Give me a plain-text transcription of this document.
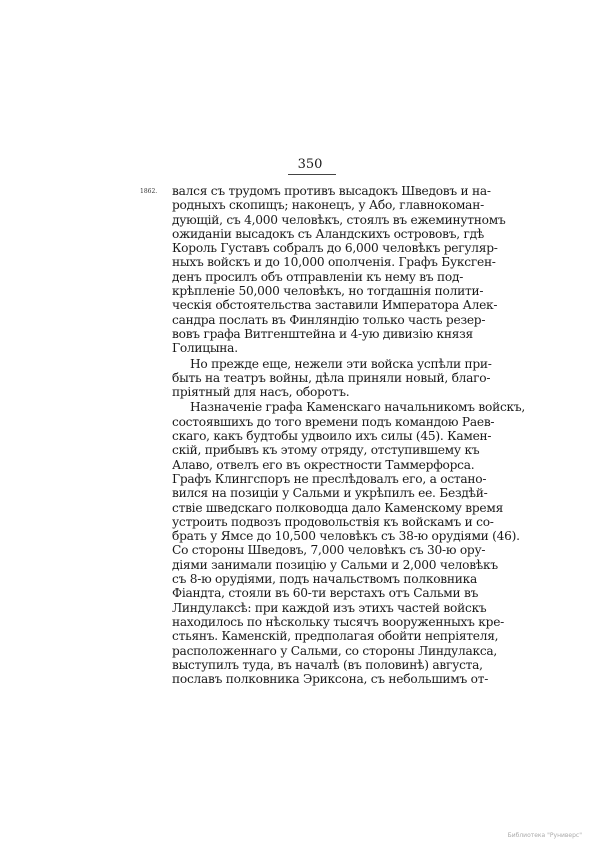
350
1862. вался съ трудомъ противъ высадокъ Шведовъ и на-
родныхъ скопищъ; наконецъ, у Або, главнокоман-
дующій, съ 4,000 человѣкъ, стоялъ въ ежеминутномъ
ожиданіи высадокъ съ Аландскихъ острововъ, гдѣ
Король Густавъ собралъ до 6,000 человѣкъ регуляр-
ныхъ войскъ и до 10,000 ополченія. Графъ Буксген-
денъ просилъ объ отправленіи къ нему въ под-
крѣпленіе 50,000 человѣкъ, но тогдашнія полити-
ческія обстоятельства заставили Императора Алек-
сандра послать въ Финляндію только часть резер-
вовъ графа Витгенштейна и 4-ую дивизію князя
Голицына.
Но прежде еще, нежели эти войска успѣли при-
быть на театръ войны, дѣла приняли новый, благо-
пріятный для насъ, оборотъ.
Назначеніе графа Каменскаго начальникомъ войскъ,
состоявшихъ до того времени подъ командою Раев-
скаго, какъ будтобы удвоило ихъ силы (45). Камен-
скій, прибывъ къ этому отряду, отступившему къ
Алаво, отвелъ его въ окрестности Таммерфорса.
Графъ Клингспоръ не преслѣдовалъ его, а остано-
вился на позиціи у Сальми и укрѣпилъ ее. Бездѣй-
ствіе шведскаго полководца дало Каменскому время
устроить подвозъ продовольствія къ войскамъ и со-
брать у Ямсе до 10,500 человѣкъ съ 38-ю орудіями (46).
Со стороны Шведовъ, 7,000 человѣкъ съ 30-ю ору-
діями занимали позицію у Сальми и 2,000 человѣкъ
съ 8-ю орудіями, подъ начальствомъ полковника
Фіандта, стояли въ 60-ти верстахъ отъ Сальми въ
Линдулаксѣ: при каждой изъ этихъ частей войскъ
находилось по нѣскольку тысячъ вооруженныхъ кре-
стьянъ. Каменскій, предполагая обойти непріятеля,
расположеннаго у Сальми, со стороны Линдулакса,
выступилъ туда, въ началѣ (въ половинѣ) августа,
пославъ полковника Эриксона, съ небольшимъ от-
Библиотека "Руниверс"
